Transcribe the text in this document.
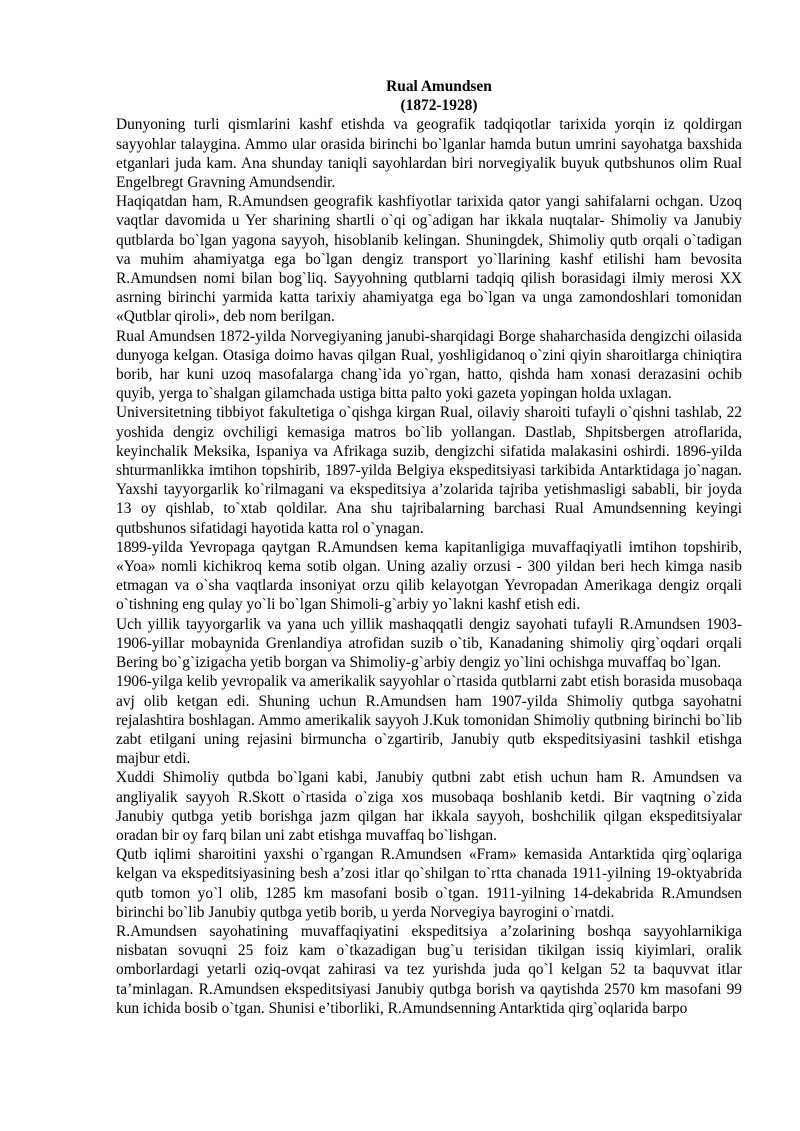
Rual Amundsen
(1872-1928)

Dunyoning turli qismlarini kashf etishda va geografik tadqiqotlar tarixida yorqin iz qoldirgan sayyohlar talaygina. Ammo ular orasida birinchi bo`lganlar hamda butun umrini sayohatga baxshida etganlari juda kam. Ana shunday taniqli sayohlardan biri norvegiyalik buyuk qutbshunos olim Rual Engelbregt Gravning Amundsendir.

Haqiqatdan ham, R.Amundsen geografik kashfiyotlar tarixida qator yangi sahifalarni ochgan. Uzoq vaqtlar davomida u Yer sharining shartli o`qi og`adigan har ikkala nuqtalar- Shimoliy va Janubiy qutblarda bo`lgan yagona sayyoh, hisoblanib kelingan. Shuningdek, Shimoliy qutb orqali o`tadigan va muhim ahamiyatga ega bo`lgan dengiz transport yo`llarining kashf etilishi ham bevosita R.Amundsen nomi bilan bog`liq. Sayyohning qutblarni tadqiq qilish borasidagi ilmiy merosi XX asrning birinchi yarmida katta tarixiy ahamiyatga ega bo`lgan va unga zamondoshlari tomonidan «Qutblar qiroli», deb nom berilgan.

Rual Amundsen 1872-yilda Norvegiyaning janubi-sharqidagi Borge shaharchasida dengizchi oilasida dunyoga kelgan. Otasiga doimo havas qilgan Rual, yoshligidanoq o`zini qiyin sharoitlarga chiniqtira borib, har kuni uzoq masofalarga chang`ida yo`rgan, hatto, qishda ham xonasi derazasini ochib quyib, yerga to`shalgan gilamchada ustiga bitta palto yoki gazeta yopingan holda uxlagan.

Universitetning tibbiyot fakultetiga o`qishga kirgan Rual, oilaviy sharoiti tufayli o`qishni tashlab, 22 yoshida dengiz ovchiligi kemasiga matros bo`lib yollangan. Dastlab, Shpitsbergen atroflarida, keyinchalik Meksika, Ispaniya va Afrikaga suzib, dengizchi sifatida malakasini oshirdi. 1896-yilda shturmanlikka imtihon topshirib, 1897-yilda Belgiya ekspeditsiyasi tarkibida Antarktidaga jo`nagan. Yaxshi tayyorgarlik ko`rilmagani va ekspeditsiya a’zolarida tajriba yetishmasligi sababli, bir joyda 13 oy qishlab, to`xtab qoldilar. Ana shu tajribalarning barchasi Rual Amundsenning keyingi qutbshunos sifatidagi hayotida katta rol o`ynagan.

1899-yilda Yevropaga qaytgan R.Amundsen kema kapitanligiga muvaffaqiyatli imtihon topshirib, «Yoa» nomli kichikroq kema sotib olgan. Uning azaliy orzusi - 300 yildan beri hech kimga nasib etmagan va o`sha vaqtlarda insoniyat orzu qilib kelayotgan Yevropadan Amerikaga dengiz orqali o`tishning eng qulay yo`li bo`lgan Shimoli-g`arbiy yo`lakni kashf etish edi.

Uch yillik tayyorgarlik va yana uch yillik mashaqqatli dengiz sayohati tufayli R.Amundsen 1903-1906-yillar mobaynida Grenlandiya atrofidan suzib o`tib, Kanadaning shimoliy qirg`oqdari orqali Bering bo`g`izigacha yetib borgan va Shimoliy-g`arbiy dengiz yo`lini ochishga muvaffaq bo`lgan.

1906-yilga kelib yevropalik va amerikalik sayyohlar o`rtasida qutblarni zabt etish borasida musobaqa avj olib ketgan edi. Shuning uchun R.Amundsen ham 1907-yilda Shimoliy qutbga sayohatni rejalashtira boshlagan. Ammo amerikalik sayyoh J.Kuk tomonidan Shimoliy qutbning birinchi bo`lib zabt etilgani uning rejasini birmuncha o`zgartirib, Janubiy qutb ekspeditsiyasini tashkil etishga majbur etdi.

Xuddi Shimoliy qutbda bo`lgani kabi, Janubiy qutbni zabt etish uchun ham R. Amundsen va angliyalik sayyoh R.Skott o`rtasida o`ziga xos musobaqa boshlanib ketdi. Bir vaqtning o`zida Janubiy qutbga yetib borishga jazm qilgan har ikkala sayyoh, boshchilik qilgan ekspeditsiyalar oradan bir oy farq bilan uni zabt etishga muvaffaq bo`lishgan.

Qutb iqlimi sharoitini yaxshi o`rgangan R.Amundsen «Fram» kemasida Antarktida qirg`oqlariga kelgan va ekspeditsiyasining besh a’zosi itlar qo`shilgan to`rtta chanada 1911-yilning 19-oktyabrida qutb tomon yo`l olib, 1285 km masofani bosib o`tgan. 1911-yilning 14-dekabrida R.Amundsen birinchi bo`lib Janubiy qutbga yetib borib, u yerda Norvegiya bayrogini o`rnatdi.

R.Amundsen sayohatining muvaffaqiyatini ekspeditsiya a’zolarining boshqa sayyohlarnikiga nisbatan sovuqni 25 foiz kam o`tkazadigan bug`u terisidan tikilgan issiq kiyimlari, oralik omborlardagi yetarli oziq-ovqat zahirasi va tez yurishda juda qo`l kelgan 52 ta baquvvat itlar ta’minlagan. R.Amundsen ekspeditsiyasi Janubiy qutbga borish va qaytishda 2570 km masofani 99 kun ichida bosib o`tgan. Shunisi e’tiborliki, R.Amundsenning Antarktida qirg`oqlarida barpo
